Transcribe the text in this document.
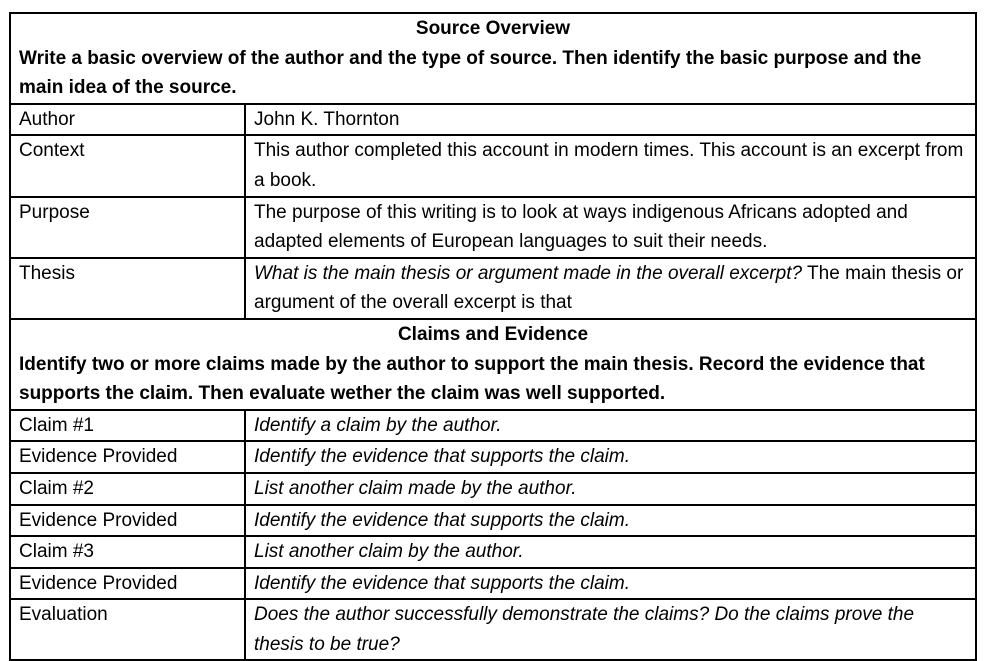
Source Overview	
Write a basic overview of the author and the type of source. Then identify the basic purpose and the main idea of the source.	
Author	John K. Thornton
Context	This author completed this account in modern times. This account is an excerpt from a book.
Purpose	The purpose of this writing is to look at ways indigenous Africans adopted and adapted elements of European languages to suit their needs.
Thesis	What is the main thesis or argument made in the overall excerpt? The main thesis or argument of the overall excerpt is that
Claims and Evidence	
Identify two or more claims made by the author to support the main thesis. Record the evidence that supports the claim. Then evaluate wether the claim was well supported.	
Claim #1	Identify a claim by the author.
Evidence Provided	Identify the evidence that supports the claim.
Claim #2	List another claim made by the author.
Evidence Provided	Identify the evidence that supports the claim.
Claim #3	List another claim by the author.
Evidence Provided	Identify the evidence that supports the claim.
Evaluation	Does the author successfully demonstrate the claims? Do the claims prove the thesis to be true?
